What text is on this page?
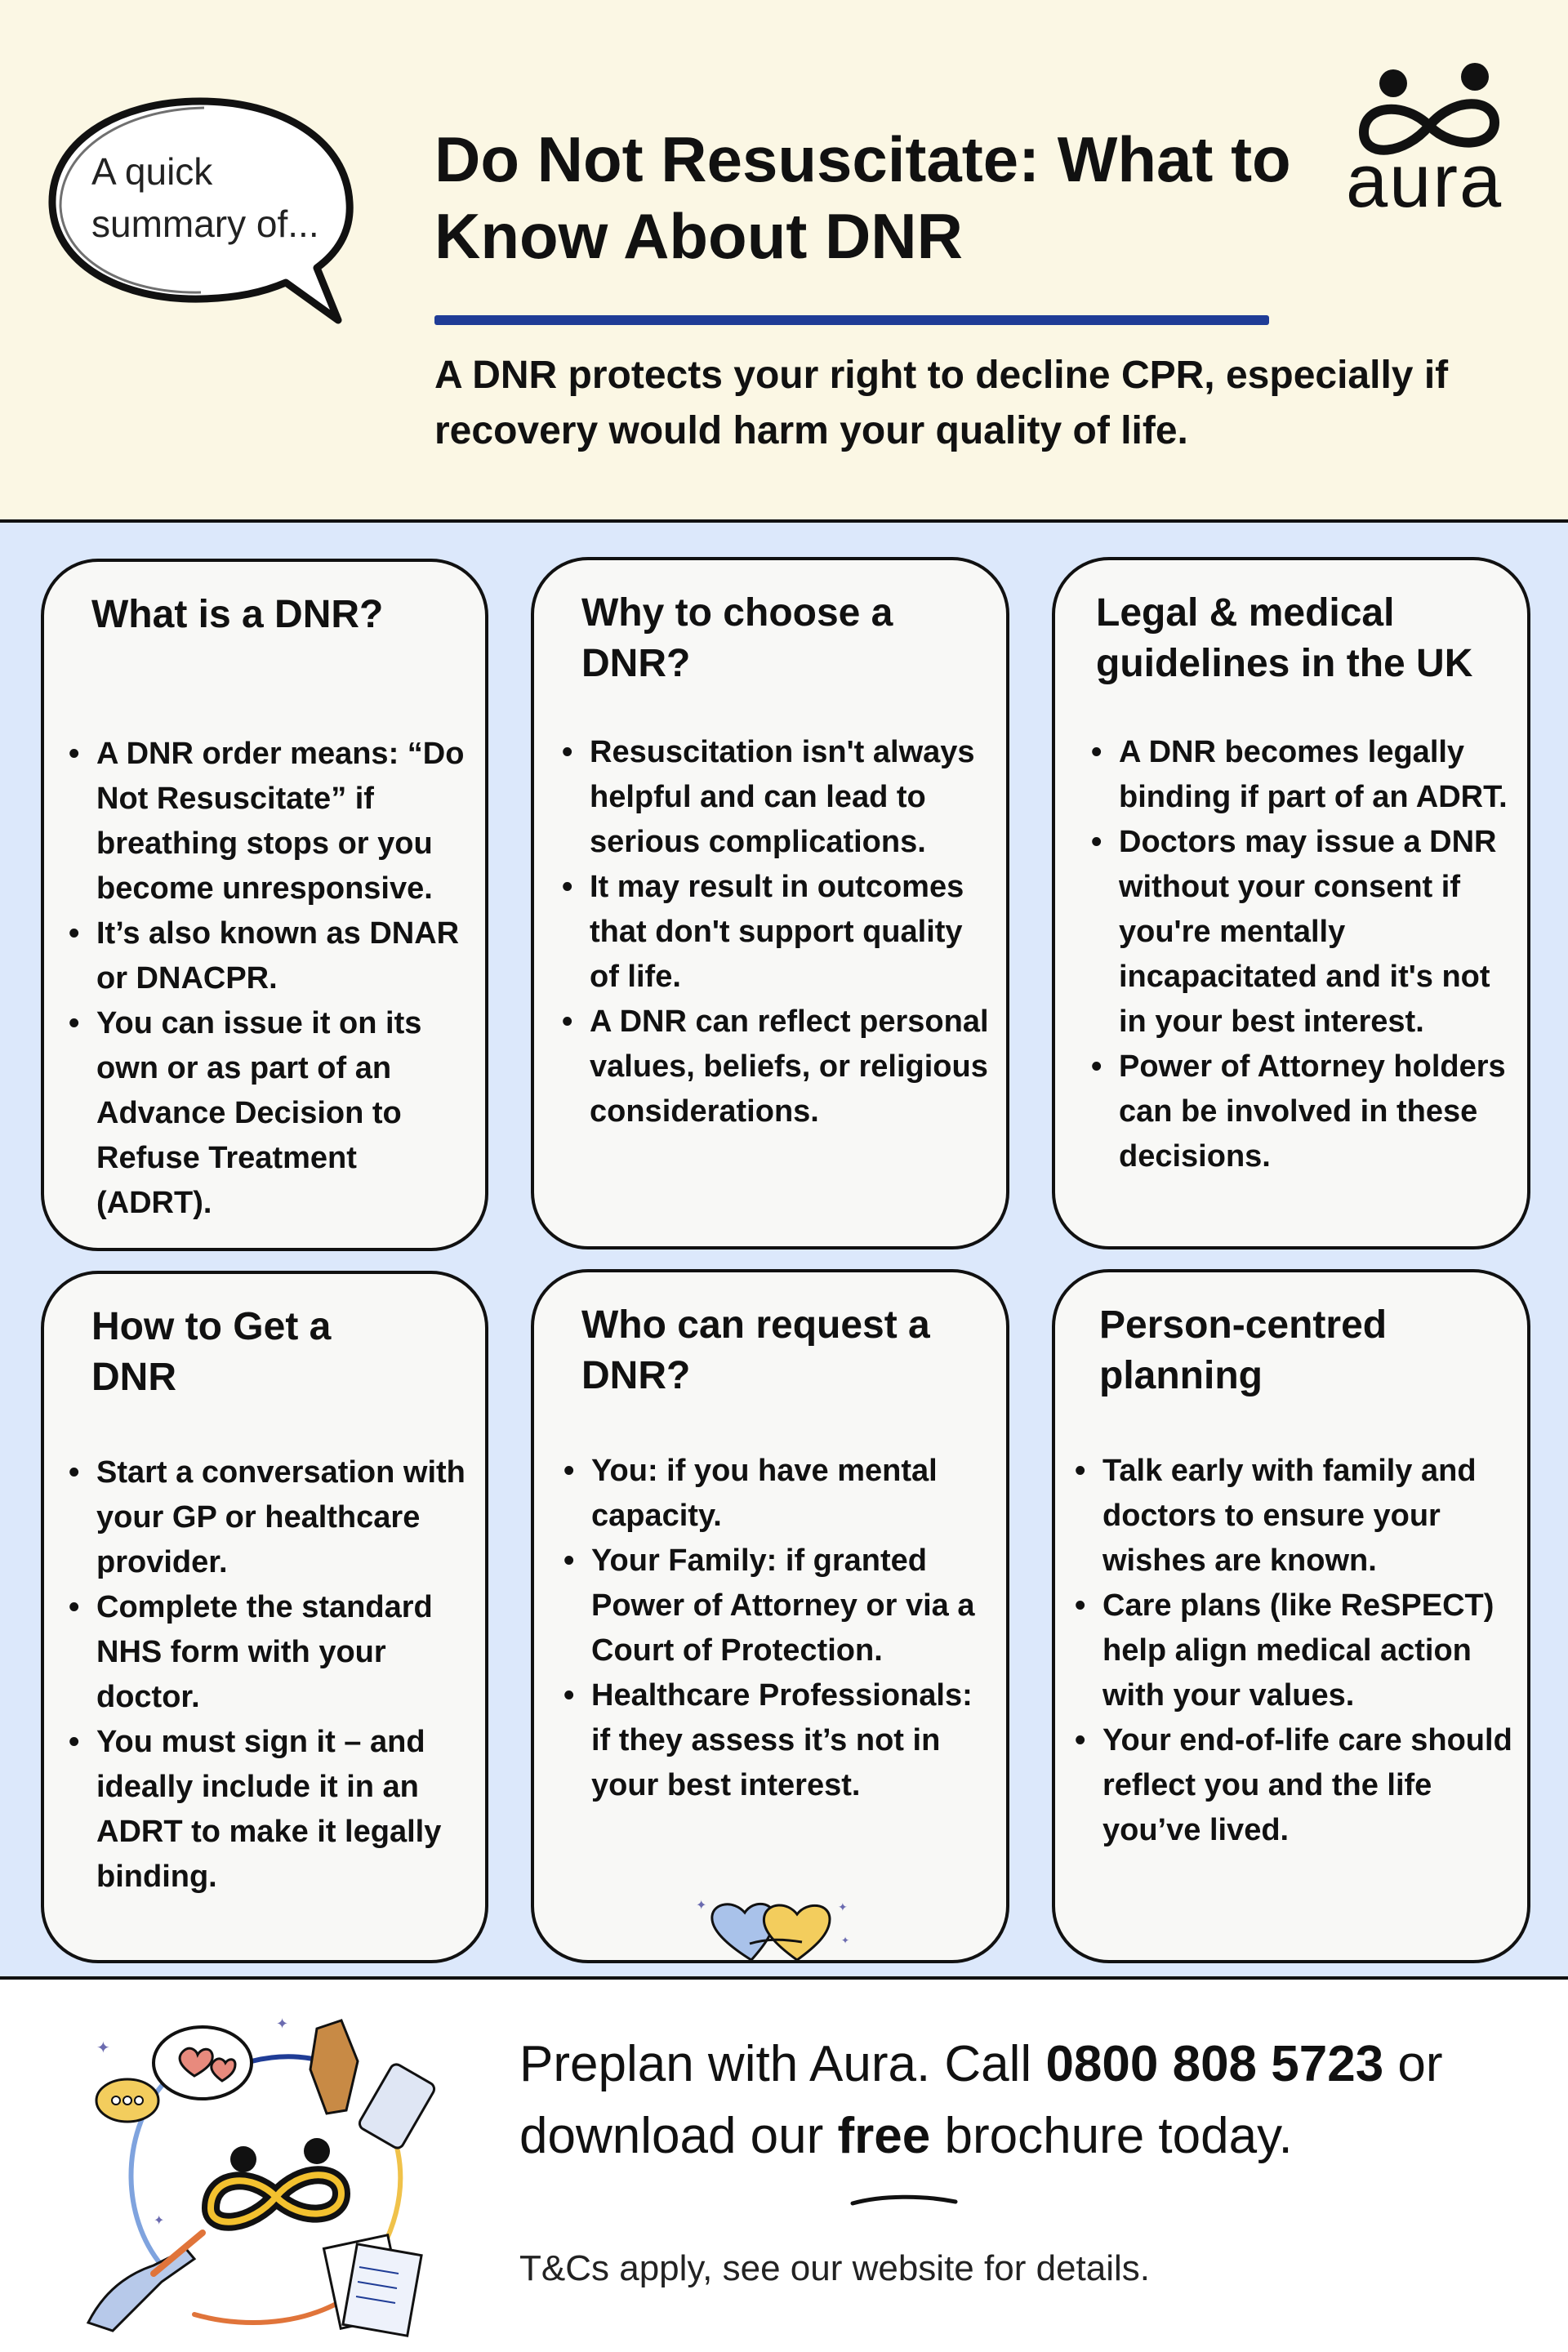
A quick summary of...
Do Not Resuscitate: What to Know About DNR
A DNR protects your right to decline CPR, especially if recovery would harm your quality of life.
aura
What is a DNR?
• A DNR order means: “Do Not Resuscitate” if breathing stops or you become unresponsive.
• It’s also known as DNAR or DNACPR.
• You can issue it on its own or as part of an Advance Decision to Refuse Treatment (ADRT).
Why to choose a DNR?
• Resuscitation isn't always helpful and can lead to serious complications.
• It may result in outcomes that don't support quality of life.
• A DNR can reflect personal values, beliefs, or religious considerations.
Legal & medical guidelines in the UK
• A DNR becomes legally binding if part of an ADRT.
• Doctors may issue a DNR without your consent if you're mentally incapacitated and it's not in your best interest.
• Power of Attorney holders can be involved in these decisions.
How to Get a DNR
• Start a conversation with your GP or healthcare provider.
• Complete the standard NHS form with your doctor.
• You must sign it – and ideally include it in an ADRT to make it legally binding.
Who can request a DNR?
• You: if you have mental capacity.
• Your Family: if granted Power of Attorney or via a Court of Protection.
• Healthcare Professionals: if they assess it’s not in your best interest.
✦	✦
✦
Person-centred planning
• Talk early with family and doctors to ensure your wishes are known.
• Care plans (like ReSPECT) help align medical action with your values.
• Your end-of-life care should reflect you and the life you’ve lived.
✦
✦
✦
Preplan with Aura. Call 0800 808 5723 or download our free brochure today.
T&Cs apply, see our website for details.
